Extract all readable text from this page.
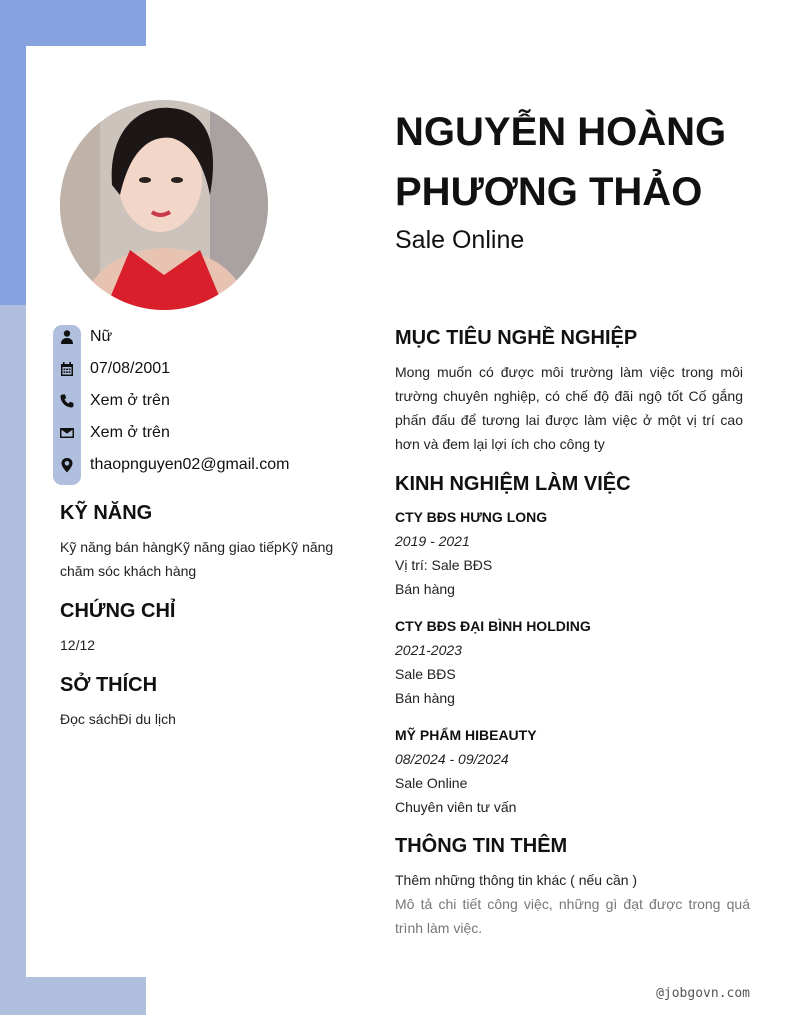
Nữ
07/08/2001
Xem ở trên
Xem ở trên
thaopnguyen02@gmail.com
KỸ NĂNG
Kỹ năng bán hàngKỹ năng giao tiếpKỹ năng chăm sóc khách hàng
CHỨNG CHỈ
12/12
SỞ THÍCH
Đọc sáchĐi du lịch
NGUYỄN HOÀNG
PHƯƠNG THẢO
Sale Online
MỤC TIÊU NGHỀ NGHIỆP
Mong muốn có được môi trường làm việc trong môi trường chuyên nghiệp, có chế độ đãi ngộ tốt Cố gắng phấn đấu để tương lai được làm việc ở một vị trí cao hơn và đem lại lợi ích cho công ty
KINH NGHIỆM LÀM VIỆC
CTY BĐS HƯNG LONG
2019 - 2021
Vị trí: Sale BĐS
Bán hàng
CTY BĐS ĐẠI BÌNH HOLDING
2021-2023
Sale BĐS
Bán hàng
MỸ PHẨM HIBEAUTY
08/2024 - 09/2024
Sale Online
Chuyên viên tư vấn
THÔNG TIN THÊM
Thêm những thông tin khác ( nếu cần )
Mô tả chi tiết công việc, những gì đạt được trong quá trình làm việc.
@jobgovn.com
